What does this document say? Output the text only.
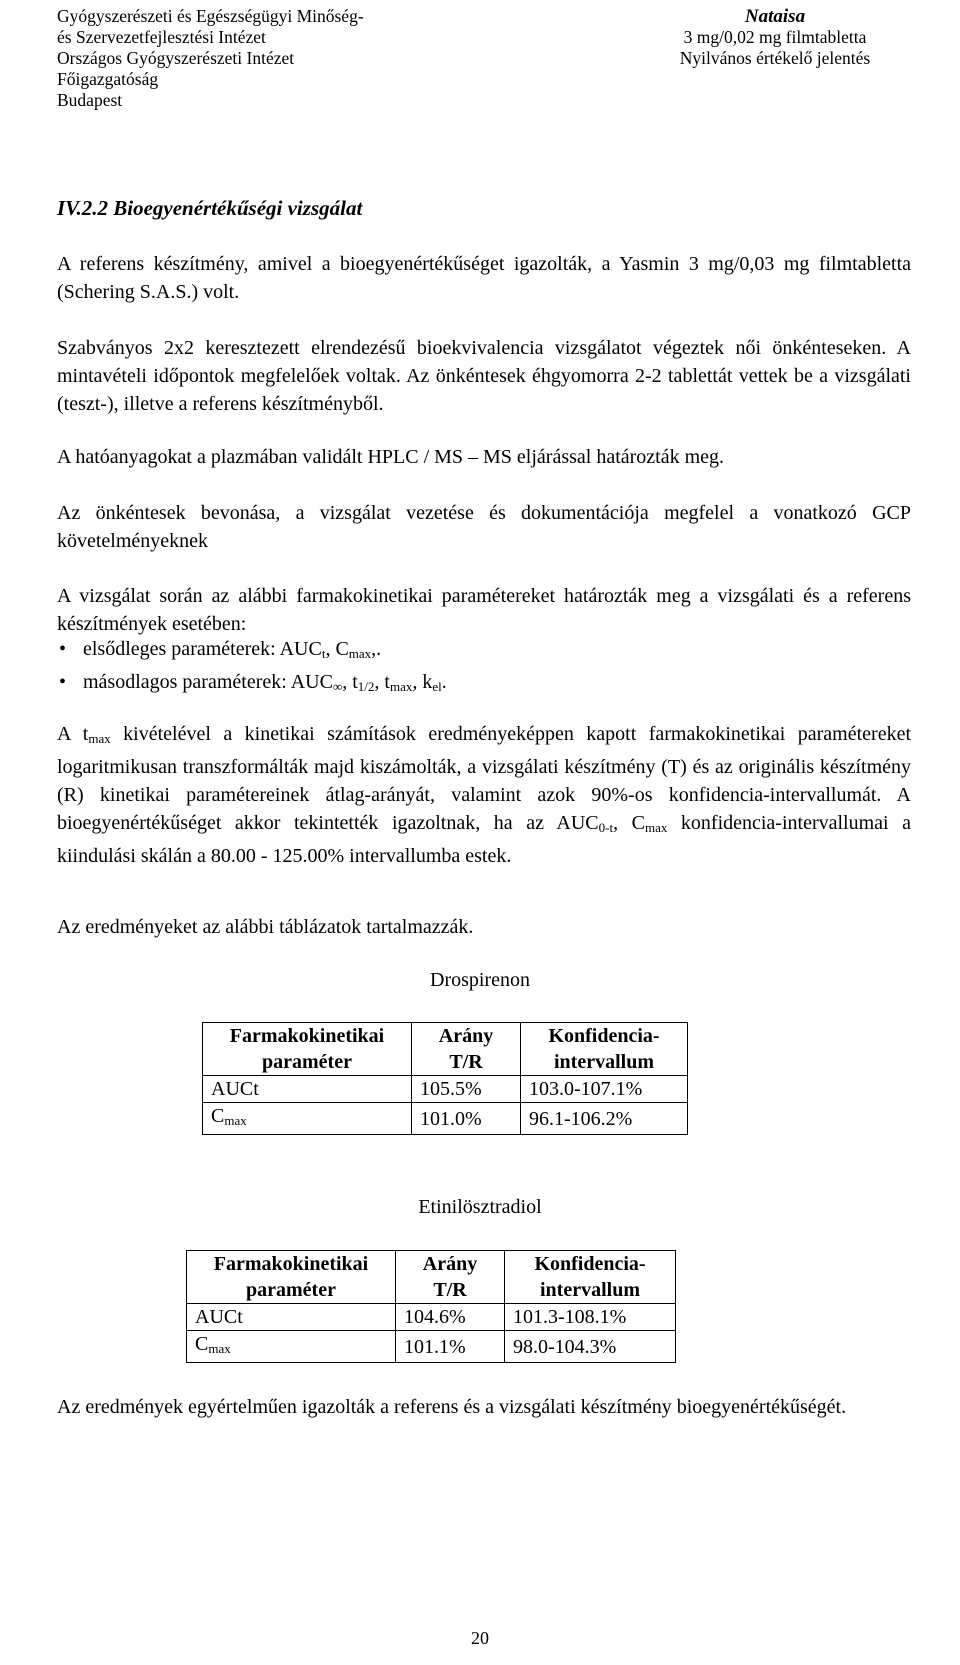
Gyógyszerészeti és Egészségügyi Minőség-
és Szervezetfejlesztési Intézet
Országos Gyógyszerészeti Intézet
Főigazgatóság
Budapest
Nataisa
3 mg/0,02 mg filmtabletta
Nyilvános értékelő jelentés
IV.2.2 Bioegyenértékűségi vizsgálat
A referens készítmény, amivel a bioegyenértékűséget igazolták, a Yasmin 3 mg/0,03 mg filmtabletta (Schering S.A.S.) volt.
Szabványos 2x2 keresztezett elrendezésű bioekvivalencia vizsgálatot végeztek női önkénteseken. A mintavételi időpontok megfelelőek voltak. Az önkéntesek éhgyomorra 2-2 tablettát vettek be a vizsgálati (teszt-), illetve a referens készítményből.
A hatóanyagokat a plazmában validált HPLC / MS – MS eljárással határozták meg.
Az önkéntesek bevonása, a vizsgálat vezetése és dokumentációja megfelel a vonatkozó GCP követelményeknek
A vizsgálat során az alábbi farmakokinetikai paramétereket határozták meg a vizsgálati és a referens készítmények esetében:
• elsődleges paraméterek: $AUC_t$, $C_{max}$,.
• másodlagos paraméterek: $AUC_\infty$, $t_{1/2}$, $t_{max}$, $k_{el}$.
A $t_{max}$ kivételével a kinetikai számítások eredményeképpen kapott farmakokinetikai paramétereket logaritmikusan transzformálták majd kiszámolták, a vizsgálati készítmény (T) és az originális készítmény (R) kinetikai paramétereinek átlag-arányát, valamint azok 90%-os konfidencia-intervallumát. A bioegyenértékűséget akkor tekintették igazoltnak, ha az $AUC_{0-t}$, $C_{max}$ konfidencia-intervallumai a kiindulási skálán a 80.00 - 125.00% intervallumba estek.
Az eredményeket az alábbi táblázatok tartalmazzák.
Drospirenon
Farmakokinetikai paraméter	Arány T/R	Konfidencia-intervallum
AUCt	105.5%	103.0-107.1%
$C_{max}$	101.0%	96.1-106.2%
Etinilösztradiol
Farmakokinetikai paraméter	Arány T/R	Konfidencia-intervallum
AUCt	104.6%	101.3-108.1%
$C_{max}$	101.1%	98.0-104.3%
Az eredmények egyértelműen igazolták a referens és a vizsgálati készítmény bioegyenértékűségét.
20
